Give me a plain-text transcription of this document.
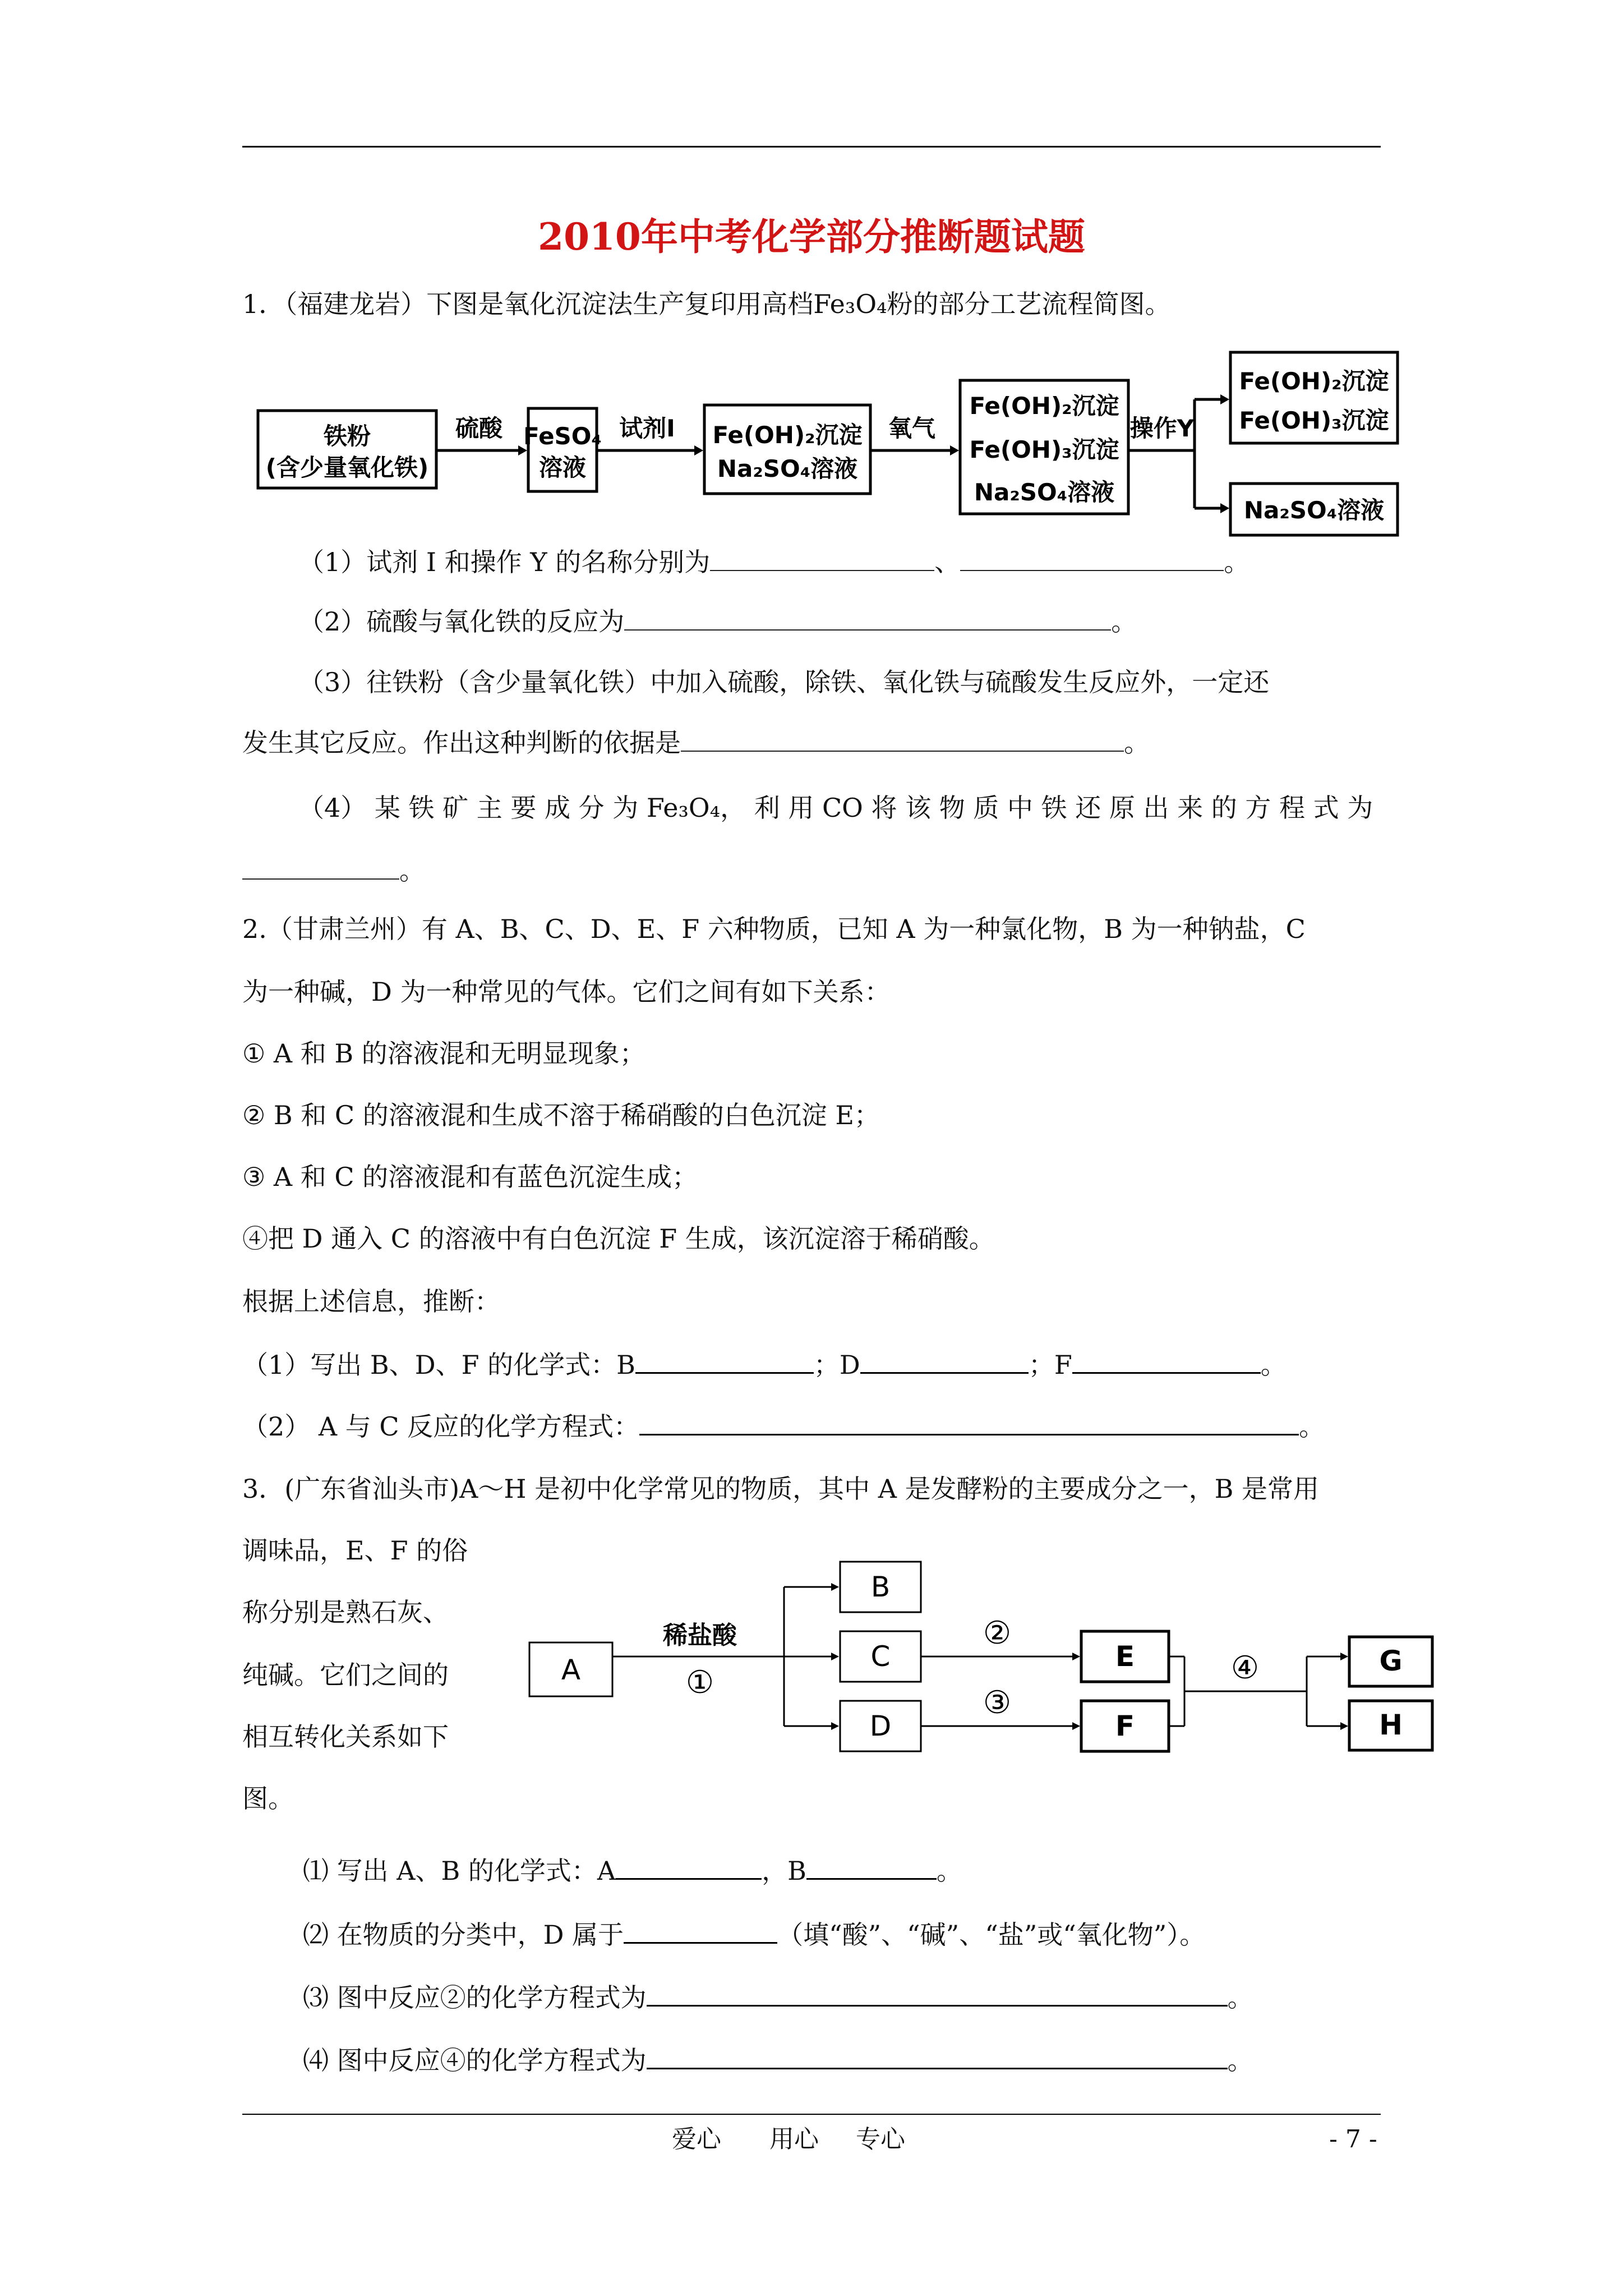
2010年中考化学部分推断题试题
1．（福建龙岩）下图是氧化沉淀法生产复印用高档Fe₃O₄粉的部分工艺流程简图。
铁粉
(含少量氧化铁)
硫酸 FeSO₄
溶液
试剂I Fe(OH)₂沉淀
Na₂SO₄溶液
氧气
Fe(OH)₂沉淀
Fe(OH)₃沉淀
Na₂SO₄溶液
操作Y
Fe(OH)₂沉淀
Fe(OH)₃沉淀
Na₂SO₄溶液
（1）试剂 I 和操作 Y 的名称分别为	、	。
（2）硫酸与氧化铁的反应为	。
（3）往铁粉（含少量氧化铁）中加入硫酸，除铁、氧化铁与硫酸发生反应外，一定还
发生其它反应。作出这种判断的依据是	。
（4） 某 铁 矿 主 要 成 分 为 Fe₃O₄， 利 用 CO 将 该 物 质 中 铁 还 原 出 来 的 方 程 式 为
。
2.（甘肃兰州）有 A、B、C、D、E、F 六种物质，已知 A 为一种氯化物，B 为一种钠盐，C
为一种碱，D 为一种常见的气体。它们之间有如下关系：
① A 和 B 的溶液混和无明显现象；
② B 和 C 的溶液混和生成不溶于稀硝酸的白色沉淀 E；
③ A 和 C 的溶液混和有蓝色沉淀生成；
④把 D 通入 C 的溶液中有白色沉淀 F 生成，该沉淀溶于稀硝酸。
根据上述信息，推断：
（1）写出 B、D、F 的化学式：B	；D	；F	。
（2） A 与 C 反应的化学方程式：	。
3．(广东省汕头市)A～H 是初中化学常见的物质，其中 A 是发酵粉的主要成分之一，B 是常用
调味品，E、F 的俗
称分别是熟石灰、
纯碱。它们之间的
相互转化关系如下
图。
A
B
C
D
E
F
G
H
稀盐酸
①
②
③
④
⑴ 写出 A、B 的化学式：A	，B	。
⑵ 在物质的分类中，D 属于	（填“酸”、“碱”、“盐”或“氧化物”）。
⑶ 图中反应②的化学方程式为	。
⑷ 图中反应④的化学方程式为	。
爱心 用心 专心	- 7 -
